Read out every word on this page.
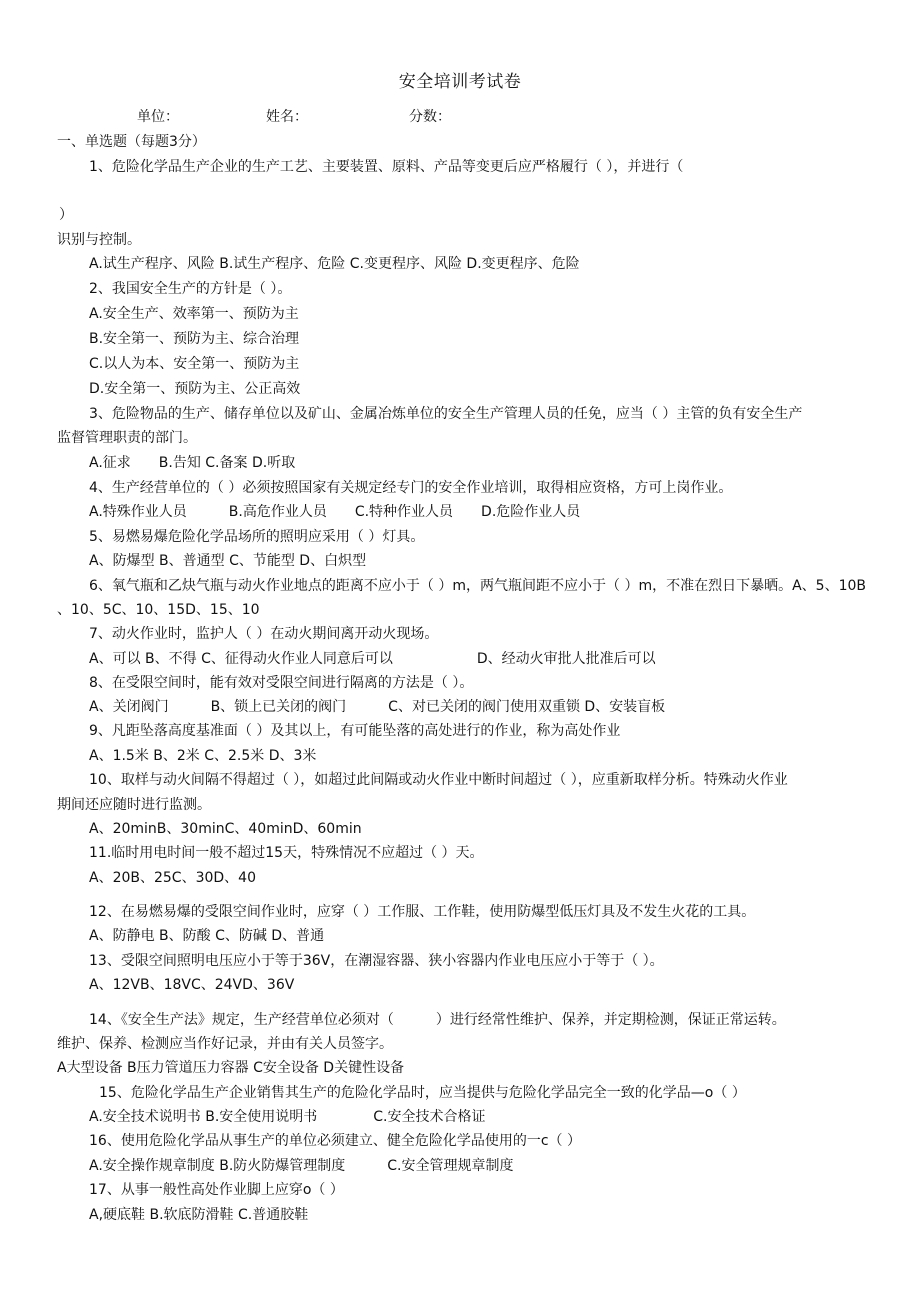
安全培训考试卷
单位：	姓名：	分数：
一、单选题（每题3分）
1、危险化学品生产企业的生产工艺、主要装置、原料、产品等变更后应严格履行（ ），并进行（
）
识别与控制。
A.试生产程序、风险 B.试生产程序、危险 C.变更程序、风险 D.变更程序、危险
2、我国安全生产的方针是（ ）。
A.安全生产、效率第一、预防为主
B.安全第一、预防为主、综合治理
C.以人为本、安全第一、预防为主
D.安全第一、预防为主、公正高效
3、危险物品的生产、储存单位以及矿山、金属冶炼单位的安全生产管理人员的任免，应当（ ）主管的负有安全生产
监督管理职责的部门。
A.征求　　B.告知 C.备案 D.听取
4、生产经营单位的（ ）必须按照国家有关规定经专门的安全作业培训，取得相应资格，方可上岗作业。
A.特殊作业人员　　　B.高危作业人员　　C.特种作业人员　　D.危险作业人员
5、易燃易爆危险化学品场所的照明应采用（ ）灯具。
A、防爆型 B、普通型 C、节能型 D、白炽型
6、氧气瓶和乙炔气瓶与动火作业地点的距离不应小于（ ）m，两气瓶间距不应小于（ ）m，不准在烈日下暴晒。A、5、10B
、10、5C、10、15D、15、10
7、动火作业时，监护人（ ）在动火期间离开动火现场。
A、可以 B、不得 C、征得动火作业人同意后可以　　　　　　D、经动火审批人批准后可以
8、在受限空间时，能有效对受限空间进行隔离的方法是（ ）。
A、关闭阀门　　　B、锁上已关闭的阀门　　　C、对已关闭的阀门使用双重锁 D、安装盲板
9、凡距坠落高度基准面（ ）及其以上，有可能坠落的高处进行的作业，称为高处作业
A、1.5米 B、2米 C、2.5米 D、3米
10、取样与动火间隔不得超过（ ），如超过此间隔或动火作业中断时间超过（ ），应重新取样分析。特殊动火作业
期间还应随时进行监测。
A、20minB、30minC、40minD、60min
11.临时用电时间一般不超过15天，特殊情况不应超过（ ）天。
A、20B、25C、30D、40
12、在易燃易爆的受限空间作业时，应穿（ ）工作服、工作鞋，使用防爆型低压灯具及不发生火花的工具。
A、防静电 B、防酸 C、防碱 D、普通
13、受限空间照明电压应小于等于36V，在潮湿容器、狭小容器内作业电压应小于等于（ ）。
A、12VB、18VC、24VD、36V
14、《安全生产法》规定，生产经营单位必须对（　　　）进行经常性维护、保养，并定期检测，保证正常运转。
维护、保养、检测应当作好记录，并由有关人员签字。
A大型设备 B压力管道压力容器 C安全设备 D关键性设备
15、危险化学品生产企业销售其生产的危险化学品时，应当提供与危险化学品完全一致的化学品—o（ ）
A.安全技术说明书 B.安全使用说明书　　　　C.安全技术合格证
16、使用危险化学品从事生产的单位必须建立、健全危险化学品使用的一c（ ）
A.安全操作规章制度 B.防火防爆管理制度　　　C.安全管理规章制度
17、从事一般性高处作业脚上应穿o（ ）
A,硬底鞋 B.软底防滑鞋 C.普通胶鞋
